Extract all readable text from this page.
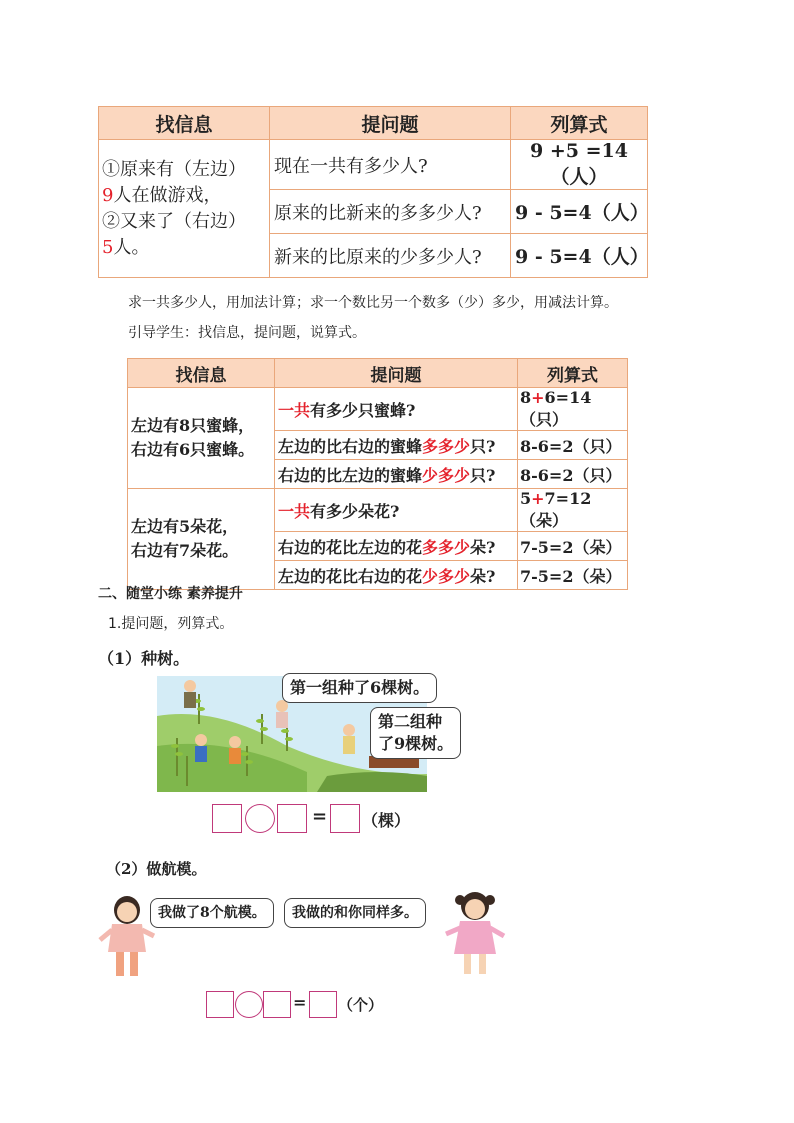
找信息	提问题	列算式

①原来有（左边）
9人在做游戏，
②又来了（右边）
5人。	现在一共有多少人?	9 +5 =14（人）
	原来的比新来的多多少人?	9 - 5=4（人）
	新来的比原来的少多少人?	9 - 5=4（人）
求一共多少人，用加法计算；求一个数比另一个数多（少）多少，用减法计算。
引导学生：找信息，提问题，说算式。
找信息	提问题	列算式

左边有8只蜜蜂，
右边有6只蜜蜂。	一共有多少只蜜蜂?	8+6=14（只）
	左边的比右边的蜜蜂多多少只?	8-6=2（只）
	右边的比左边的蜜蜂少多少只?	8-6=2（只）

左边有5朵花，
右边有7朵花。	一共有多少朵花?	5+7=12（朵）
	右边的花比左边的花多多少朵?	7-5=2（朵）
	左边的花比右边的花少多少朵?	7-5=2（朵）
二、随堂小练 素养提升
1.提问题，列算式。
（1）种树。
第一组种了6棵树。
第二组种
了9棵树。
= （棵）
（2）做航模。
我做了8个航模。	我做的和你同样多。
= （个）
